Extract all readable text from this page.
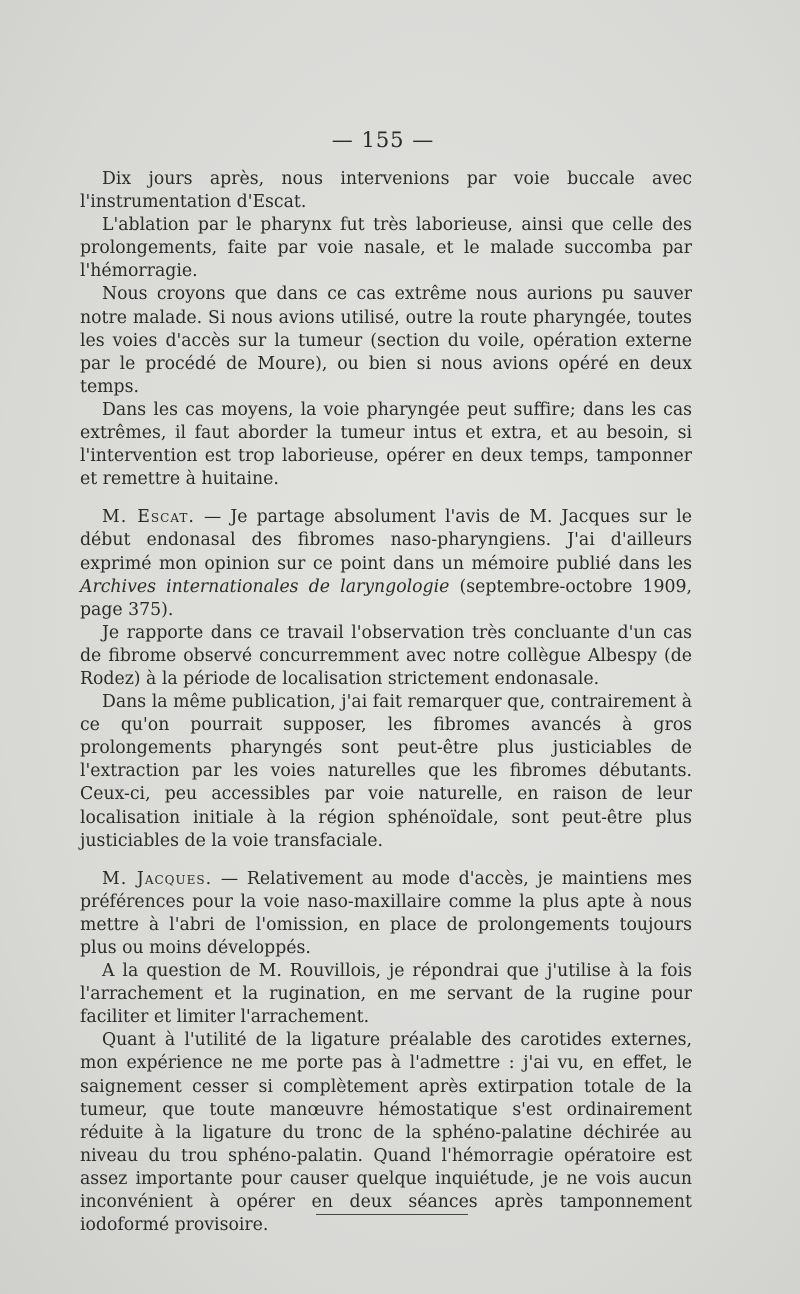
— 155 —

Dix jours après, nous intervenions par voie buccale avec l'instrumentation d'Escat.

L'ablation par le pharynx fut très laborieuse, ainsi que celle des prolongements, faite par voie nasale, et le malade succomba par l'hémorragie.

Nous croyons que dans ce cas extrême nous aurions pu sauver notre malade. Si nous avions utilisé, outre la route pharyngée, toutes les voies d'accès sur la tumeur (section du voile, opération externe par le procédé de Moure), ou bien si nous avions opéré en deux temps.

Dans les cas moyens, la voie pharyngée peut suffire; dans les cas extrêmes, il faut aborder la tumeur intus et extra, et au besoin, si l'intervention est trop laborieuse, opérer en deux temps, tamponner et remettre à huitaine.

M. Escat. — Je partage absolument l'avis de M. Jacques sur le début endonasal des fibromes naso-pharyngiens. J'ai d'ailleurs exprimé mon opinion sur ce point dans un mémoire publié dans les Archives internationales de laryngologie (septembre-octobre 1909, page 375).

Je rapporte dans ce travail l'observation très concluante d'un cas de fibrome observé concurremment avec notre collègue Albespy (de Rodez) à la période de localisation strictement endonasale.

Dans la même publication, j'ai fait remarquer que, contrairement à ce qu'on pourrait supposer, les fibromes avancés à gros prolongements pharyngés sont peut-être plus justiciables de l'extraction par les voies naturelles que les fibromes débutants. Ceux-ci, peu accessibles par voie naturelle, en raison de leur localisation initiale à la région sphénoïdale, sont peut-être plus justiciables de la voie transfaciale.

M. Jacques. — Relativement au mode d'accès, je maintiens mes préférences pour la voie naso-maxillaire comme la plus apte à nous mettre à l'abri de l'omission, en place de prolongements toujours plus ou moins développés.

A la question de M. Rouvillois, je répondrai que j'utilise à la fois l'arrachement et la rugination, en me servant de la rugine pour faciliter et limiter l'arrachement.

Quant à l'utilité de la ligature préalable des carotides externes, mon expérience ne me porte pas à l'admettre : j'ai vu, en effet, le saignement cesser si complètement après extirpation totale de la tumeur, que toute manœuvre hémostatique s'est ordinairement réduite à la ligature du tronc de la sphéno-palatine déchirée au niveau du trou sphéno-palatin. Quand l'hémorragie opératoire est assez importante pour causer quelque inquiétude, je ne vois aucun inconvénient à opérer en deux séances après tamponnement iodoformé provisoire.
